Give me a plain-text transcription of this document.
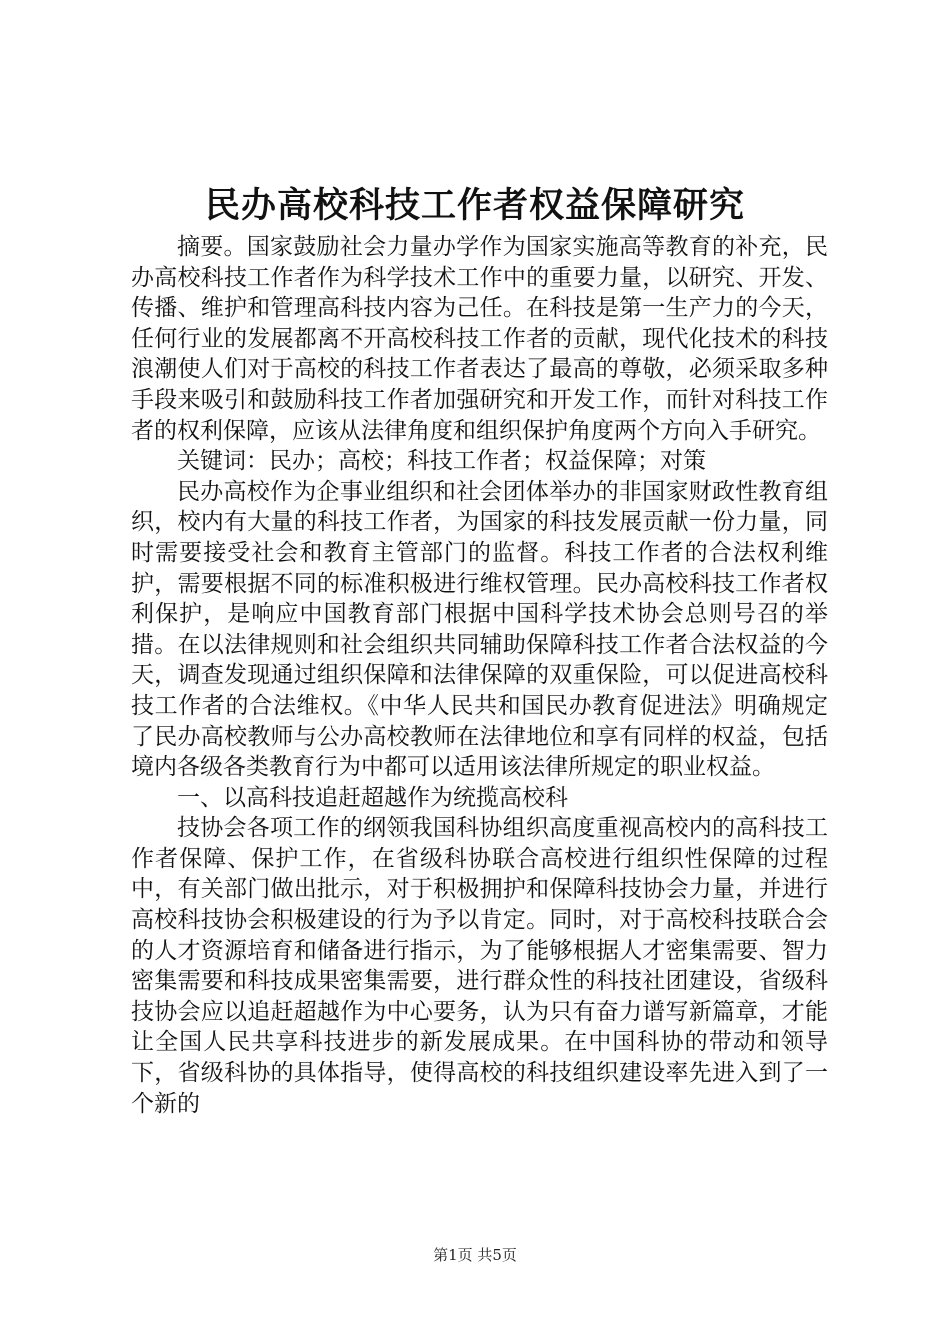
民办高校科技工作者权益保障研究

摘要。国家鼓励社会力量办学作为国家实施高等教育的补充，民办高校科技工作者作为科学技术工作中的重要力量，以研究、开发、传播、维护和管理高科技内容为己任。在科技是第一生产力的今天，任何行业的发展都离不开高校科技工作者的贡献，现代化技术的科技浪潮使人们对于高校的科技工作者表达了最高的尊敬，必须采取多种手段来吸引和鼓励科技工作者加强研究和开发工作，而针对科技工作者的权利保障，应该从法律角度和组织保护角度两个方向入手研究。

关键词：民办；高校；科技工作者；权益保障；对策

民办高校作为企事业组织和社会团体举办的非国家财政性教育组织，校内有大量的科技工作者，为国家的科技发展贡献一份力量，同时需要接受社会和教育主管部门的监督。科技工作者的合法权利维护，需要根据不同的标准积极进行维权管理。民办高校科技工作者权利保护，是响应中国教育部门根据中国科学技术协会总则号召的举措。在以法律规则和社会组织共同辅助保障科技工作者合法权益的今天，调查发现通过组织保障和法律保障的双重保险，可以促进高校科技工作者的合法维权。《中华人民共和国民办教育促进法》明确规定了民办高校教师与公办高校教师在法律地位和享有同样的权益，包括境内各级各类教育行为中都可以适用该法律所规定的职业权益。

一、以高科技追赶超越作为统揽高校科

技协会各项工作的纲领我国科协组织高度重视高校内的高科技工作者保障、保护工作，在省级科协联合高校进行组织性保障的过程中，有关部门做出批示，对于积极拥护和保障科技协会力量，并进行高校科技协会积极建设的行为予以肯定。同时，对于高校科技联合会的人才资源培育和储备进行指示，为了能够根据人才密集需要、智力密集需要和科技成果密集需要，进行群众性的科技社团建设，省级科技协会应以追赶超越作为中心要务，认为只有奋力谱写新篇章，才能让全国人民共享科技进步的新发展成果。在中国科协的带动和领导下，省级科协的具体指导，使得高校的科技组织建设率先进入到了一个新的

第1页 共5页
